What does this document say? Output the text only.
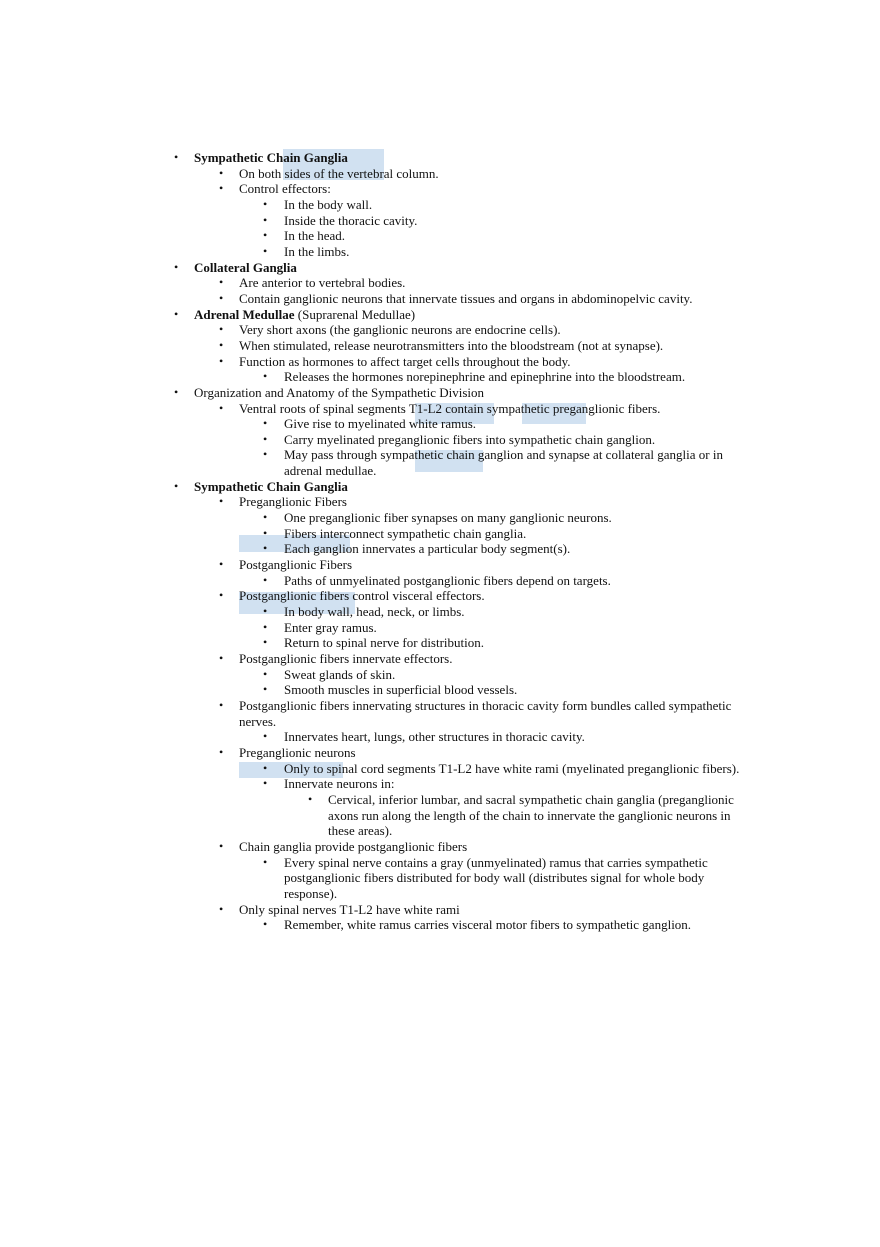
• Sympathetic Chain Ganglia
• On both sides of the vertebral column.
• Control effectors:
• In the body wall.
• Inside the thoracic cavity.
• In the head.
• In the limbs.
• Collateral Ganglia
• Are anterior to vertebral bodies.
• Contain ganglionic neurons that innervate tissues and organs in abdominopelvic cavity.
• Adrenal Medullae (Suprarenal Medullae)
• Very short axons (the ganglionic neurons are endocrine cells).
• When stimulated, release neurotransmitters into the bloodstream (not at synapse).
• Function as hormones to affect target cells throughout the body.
• Releases the hormones norepinephrine and epinephrine into the bloodstream.
• Organization and Anatomy of the Sympathetic Division
• Ventral roots of spinal segments T1-L2 contain sympathetic preganglionic fibers.
• Give rise to myelinated white ramus.
• Carry myelinated preganglionic fibers into sympathetic chain ganglion.
• May pass through sympathetic chain ganglion and synapse at collateral ganglia or in adrenal medullae.
• Sympathetic Chain Ganglia
• Preganglionic Fibers
• One preganglionic fiber synapses on many ganglionic neurons.
• Fibers interconnect sympathetic chain ganglia.
• Each ganglion innervates a particular body segment(s).
• Postganglionic Fibers
• Paths of unmyelinated postganglionic fibers depend on targets.
• Postganglionic fibers control visceral effectors.
• In body wall, head, neck, or limbs.
• Enter gray ramus.
• Return to spinal nerve for distribution.
• Postganglionic fibers innervate effectors.
• Sweat glands of skin.
• Smooth muscles in superficial blood vessels.
• Postganglionic fibers innervating structures in thoracic cavity form bundles called sympathetic nerves.
• Innervates heart, lungs, other structures in thoracic cavity.
• Preganglionic neurons
• Only to spinal cord segments T1-L2 have white rami (myelinated preganglionic fibers).
• Innervate neurons in:
• Cervical, inferior lumbar, and sacral sympathetic chain ganglia (preganglionic axons run along the length of the chain to innervate the ganglionic neurons in these areas).
• Chain ganglia provide postganglionic fibers
• Every spinal nerve contains a gray (unmyelinated) ramus that carries sympathetic postganglionic fibers distributed for body wall (distributes signal for whole body response).
• Only spinal nerves T1-L2 have white rami
• Remember, white ramus carries visceral motor fibers to sympathetic ganglion.
